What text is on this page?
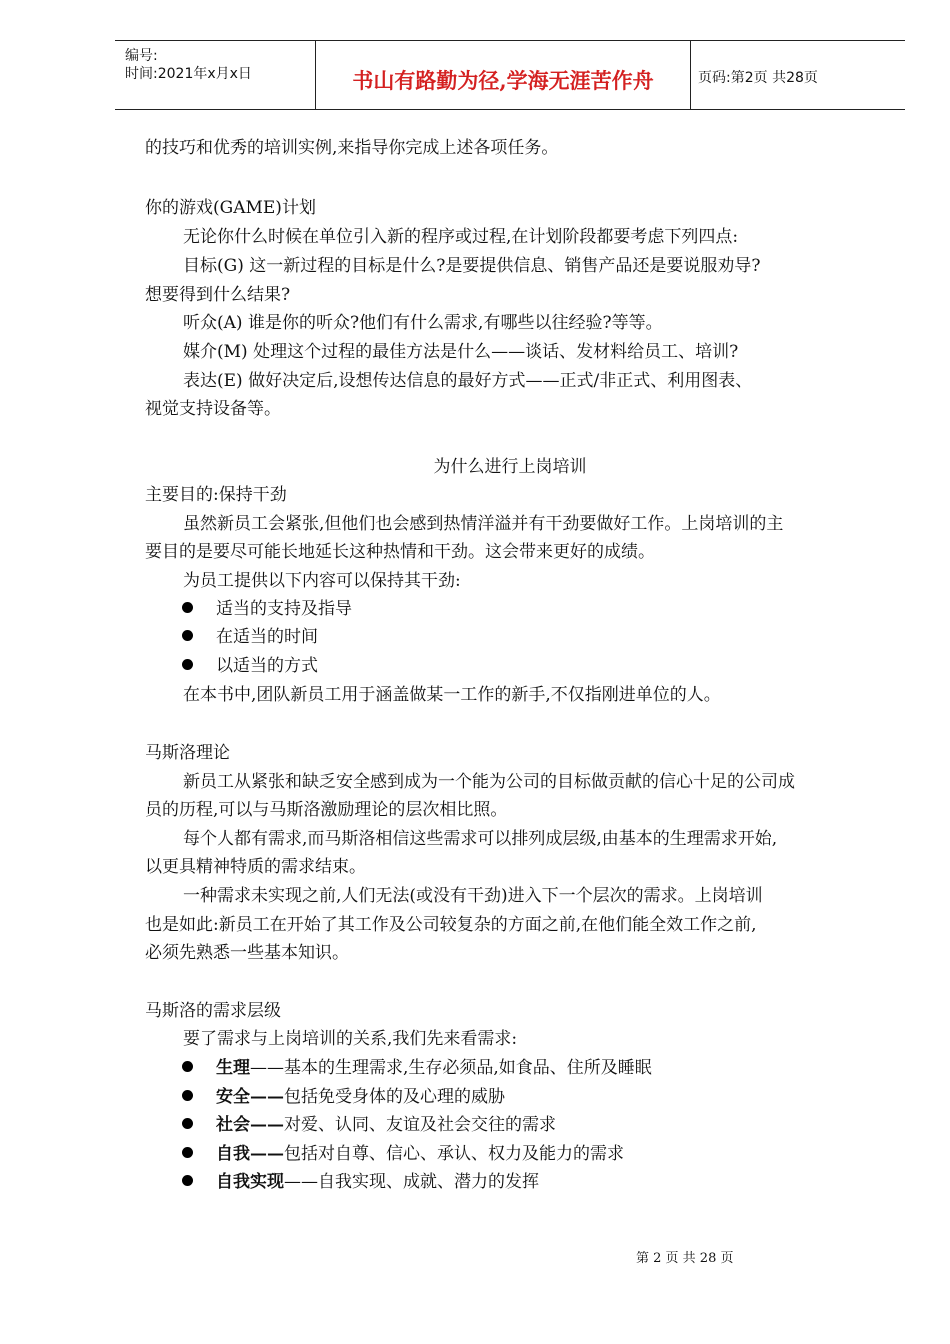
编号:
时间:2021年x月x日	书山有路勤为径,学海无涯苦作舟	页码:第2页 共28页
的技巧和优秀的培训实例,来指导你完成上述各项任务。
你的游戏(GAME)计划
无论你什么时候在单位引入新的程序或过程,在计划阶段都要考虑下列四点:
目标(G) 这一新过程的目标是什么?是要提供信息、销售产品还是要说服劝导?
想要得到什么结果?
听众(A) 谁是你的听众?他们有什么需求,有哪些以往经验?等等。
媒介(M) 处理这个过程的最佳方法是什么——谈话、发材料给员工、培训?
表达(E) 做好决定后,设想传达信息的最好方式——正式/非正式、利用图表、
视觉支持设备等。
为什么进行上岗培训
主要目的:保持干劲
虽然新员工会紧张,但他们也会感到热情洋溢并有干劲要做好工作。上岗培训的主
要目的是要尽可能长地延长这种热情和干劲。这会带来更好的成绩。
为员工提供以下内容可以保持其干劲:
适当的支持及指导
在适当的时间
以适当的方式
在本书中,团队新员工用于涵盖做某一工作的新手,不仅指刚进单位的人。
马斯洛理论
新员工从紧张和缺乏安全感到成为一个能为公司的目标做贡献的信心十足的公司成
员的历程,可以与马斯洛激励理论的层次相比照。
每个人都有需求,而马斯洛相信这些需求可以排列成层级,由基本的生理需求开始,
以更具精神特质的需求结束。
一种需求未实现之前,人们无法(或没有干劲)进入下一个层次的需求。上岗培训
也是如此:新员工在开始了其工作及公司较复杂的方面之前,在他们能全效工作之前,
必须先熟悉一些基本知识。
马斯洛的需求层级
要了需求与上岗培训的关系,我们先来看需求:
生理——基本的生理需求,生存必须品,如食品、住所及睡眠
安全——包括免受身体的及心理的威胁
社会——对爱、认同、友谊及社会交往的需求
自我——包括对自尊、信心、承认、权力及能力的需求
自我实现——自我实现、成就、潜力的发挥
第 2 页 共 28 页
